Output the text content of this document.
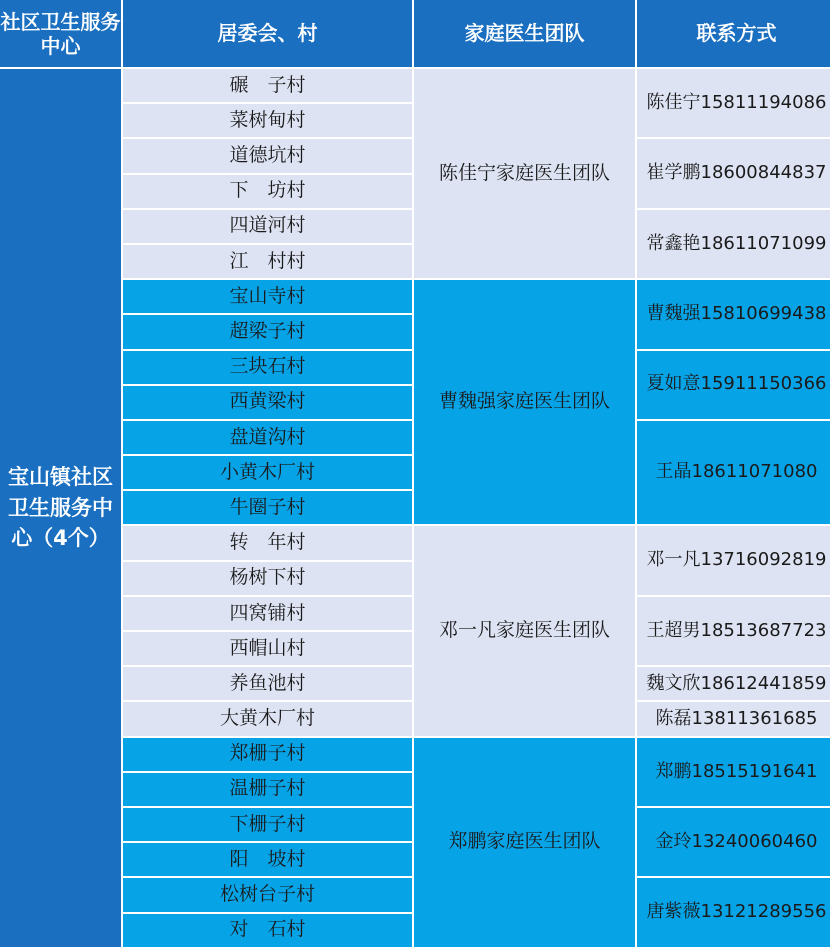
社区卫生服务中心
居委会、村	家庭医生团队	联系方式
宝山镇社区卫生服务中心（4个）
碾　子村
菜树甸村
道德坑村
下　坊村
四道河村
江　村村
陈佳宁家庭医生团队
陈佳宁15811194086
崔学鹏18600844837
常鑫艳18611071099
宝山寺村
超梁子村
三块石村
西黄梁村
盘道沟村
小黄木厂村
牛圈子村
曹魏强家庭医生团队
曹魏强15810699438
夏如意15911150366
王晶18611071080
转　年村
杨树下村
四窝铺村
西帽山村
养鱼池村
大黄木厂村
邓一凡家庭医生团队
邓一凡13716092819
王超男18513687723
魏文欣18612441859
陈磊13811361685
郑栅子村
温栅子村
下栅子村
阳　坡村
松树台子村
对　石村
郑鹏家庭医生团队
郑鹏18515191641
金玲13240060460
唐紫薇13121289556
